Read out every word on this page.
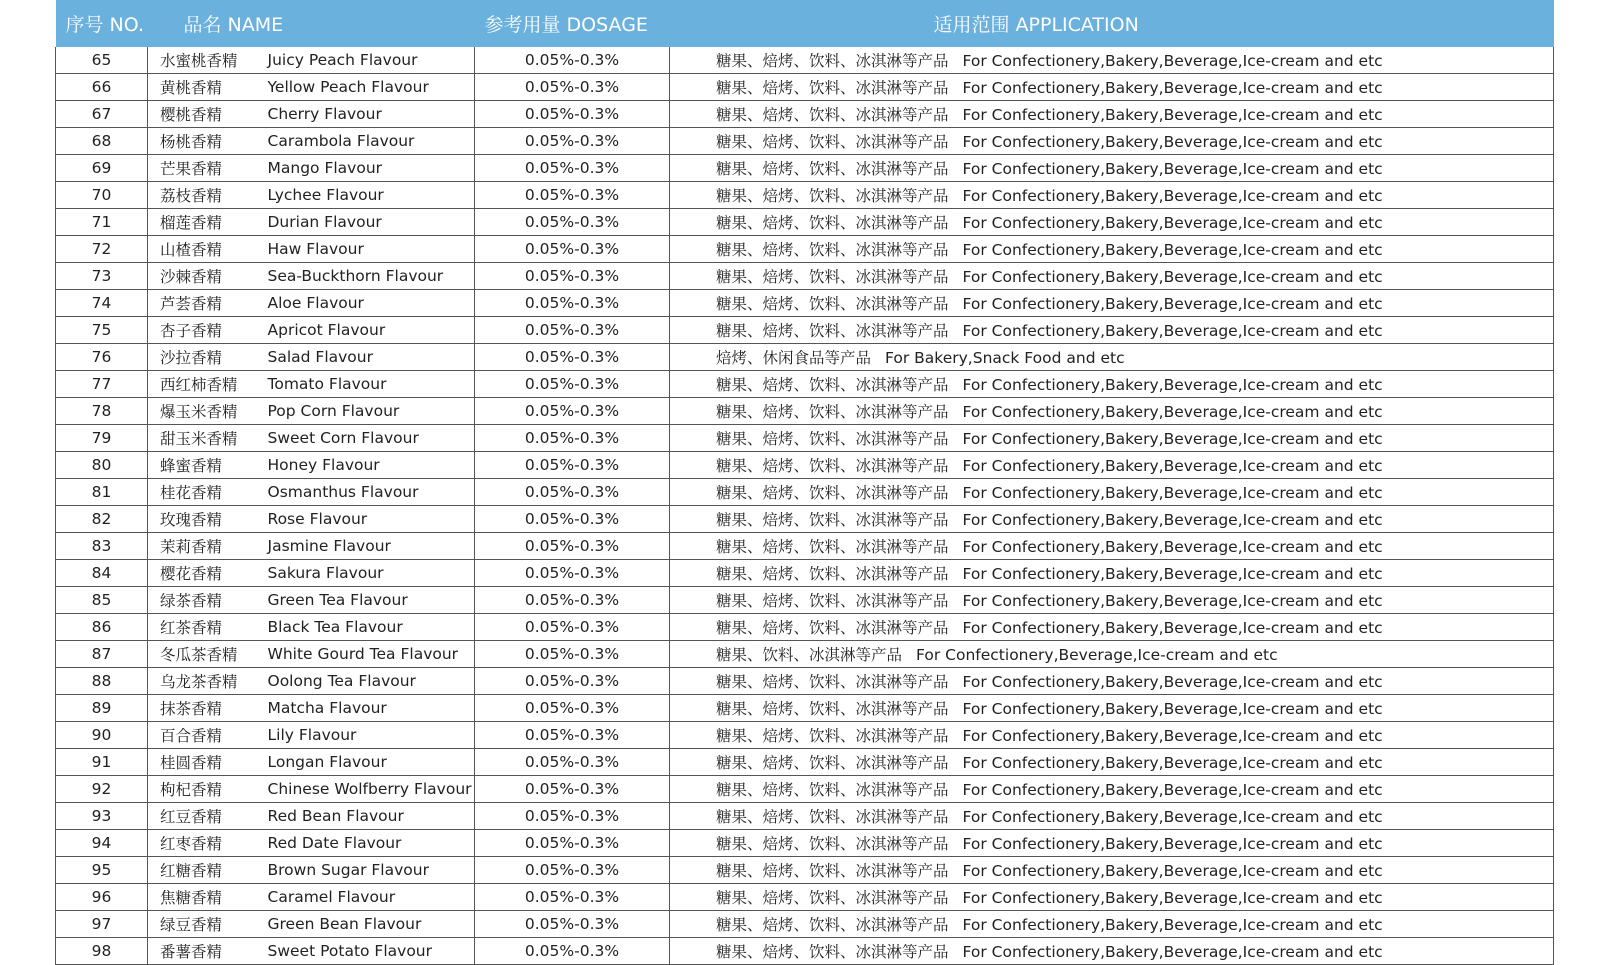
序号 NO.	品名 NAME		参考用量 DOSAGE	适用范围 APPLICATION
65	水蜜桃香精	Juicy Peach Flavour	0.05%-0.3%	糖果、焙烤、饮料、冰淇淋等产品 For Confectionery,Bakery,Beverage,Ice-cream and etc
66	黄桃香精	Yellow Peach Flavour	0.05%-0.3%	糖果、焙烤、饮料、冰淇淋等产品 For Confectionery,Bakery,Beverage,Ice-cream and etc
67	樱桃香精	Cherry Flavour	0.05%-0.3%	糖果、焙烤、饮料、冰淇淋等产品 For Confectionery,Bakery,Beverage,Ice-cream and etc
68	杨桃香精	Carambola Flavour	0.05%-0.3%	糖果、焙烤、饮料、冰淇淋等产品 For Confectionery,Bakery,Beverage,Ice-cream and etc
69	芒果香精	Mango Flavour	0.05%-0.3%	糖果、焙烤、饮料、冰淇淋等产品 For Confectionery,Bakery,Beverage,Ice-cream and etc
70	荔枝香精	Lychee Flavour	0.05%-0.3%	糖果、焙烤、饮料、冰淇淋等产品 For Confectionery,Bakery,Beverage,Ice-cream and etc
71	榴莲香精	Durian Flavour	0.05%-0.3%	糖果、焙烤、饮料、冰淇淋等产品 For Confectionery,Bakery,Beverage,Ice-cream and etc
72	山楂香精	Haw Flavour	0.05%-0.3%	糖果、焙烤、饮料、冰淇淋等产品 For Confectionery,Bakery,Beverage,Ice-cream and etc
73	沙棘香精	Sea-Buckthorn Flavour	0.05%-0.3%	糖果、焙烤、饮料、冰淇淋等产品 For Confectionery,Bakery,Beverage,Ice-cream and etc
74	芦荟香精	Aloe Flavour	0.05%-0.3%	糖果、焙烤、饮料、冰淇淋等产品 For Confectionery,Bakery,Beverage,Ice-cream and etc
75	杏子香精	Apricot Flavour	0.05%-0.3%	糖果、焙烤、饮料、冰淇淋等产品 For Confectionery,Bakery,Beverage,Ice-cream and etc
76	沙拉香精	Salad Flavour	0.05%-0.3%	焙烤、休闲食品等产品 For Bakery,Snack Food and etc
77	西红柿香精	Tomato Flavour	0.05%-0.3%	糖果、焙烤、饮料、冰淇淋等产品 For Confectionery,Bakery,Beverage,Ice-cream and etc
78	爆玉米香精	Pop Corn Flavour	0.05%-0.3%	糖果、焙烤、饮料、冰淇淋等产品 For Confectionery,Bakery,Beverage,Ice-cream and etc
79	甜玉米香精	Sweet Corn Flavour	0.05%-0.3%	糖果、焙烤、饮料、冰淇淋等产品 For Confectionery,Bakery,Beverage,Ice-cream and etc
80	蜂蜜香精	Honey Flavour	0.05%-0.3%	糖果、焙烤、饮料、冰淇淋等产品 For Confectionery,Bakery,Beverage,Ice-cream and etc
81	桂花香精	Osmanthus Flavour	0.05%-0.3%	糖果、焙烤、饮料、冰淇淋等产品 For Confectionery,Bakery,Beverage,Ice-cream and etc
82	玫瑰香精	Rose Flavour	0.05%-0.3%	糖果、焙烤、饮料、冰淇淋等产品 For Confectionery,Bakery,Beverage,Ice-cream and etc
83	茉莉香精	Jasmine Flavour	0.05%-0.3%	糖果、焙烤、饮料、冰淇淋等产品 For Confectionery,Bakery,Beverage,Ice-cream and etc
84	樱花香精	Sakura Flavour	0.05%-0.3%	糖果、焙烤、饮料、冰淇淋等产品 For Confectionery,Bakery,Beverage,Ice-cream and etc
85	绿茶香精	Green Tea Flavour	0.05%-0.3%	糖果、焙烤、饮料、冰淇淋等产品 For Confectionery,Bakery,Beverage,Ice-cream and etc
86	红茶香精	Black Tea Flavour	0.05%-0.3%	糖果、焙烤、饮料、冰淇淋等产品 For Confectionery,Bakery,Beverage,Ice-cream and etc
87	冬瓜茶香精	White Gourd Tea Flavour	0.05%-0.3%	糖果、饮料、冰淇淋等产品 For Confectionery,Beverage,Ice-cream and etc
88	乌龙茶香精	Oolong Tea Flavour	0.05%-0.3%	糖果、焙烤、饮料、冰淇淋等产品 For Confectionery,Bakery,Beverage,Ice-cream and etc
89	抹茶香精	Matcha Flavour	0.05%-0.3%	糖果、焙烤、饮料、冰淇淋等产品 For Confectionery,Bakery,Beverage,Ice-cream and etc
90	百合香精	Lily Flavour	0.05%-0.3%	糖果、焙烤、饮料、冰淇淋等产品 For Confectionery,Bakery,Beverage,Ice-cream and etc
91	桂圆香精	Longan Flavour	0.05%-0.3%	糖果、焙烤、饮料、冰淇淋等产品 For Confectionery,Bakery,Beverage,Ice-cream and etc
92	枸杞香精	Chinese Wolfberry Flavour	0.05%-0.3%	糖果、焙烤、饮料、冰淇淋等产品 For Confectionery,Bakery,Beverage,Ice-cream and etc
93	红豆香精	Red Bean Flavour	0.05%-0.3%	糖果、焙烤、饮料、冰淇淋等产品 For Confectionery,Bakery,Beverage,Ice-cream and etc
94	红枣香精	Red Date Flavour	0.05%-0.3%	糖果、焙烤、饮料、冰淇淋等产品 For Confectionery,Bakery,Beverage,Ice-cream and etc
95	红糖香精	Brown Sugar Flavour	0.05%-0.3%	糖果、焙烤、饮料、冰淇淋等产品 For Confectionery,Bakery,Beverage,Ice-cream and etc
96	焦糖香精	Caramel Flavour	0.05%-0.3%	糖果、焙烤、饮料、冰淇淋等产品 For Confectionery,Bakery,Beverage,Ice-cream and etc
97	绿豆香精	Green Bean Flavour	0.05%-0.3%	糖果、焙烤、饮料、冰淇淋等产品 For Confectionery,Bakery,Beverage,Ice-cream and etc
98	番薯香精	Sweet Potato Flavour	0.05%-0.3%	糖果、焙烤、饮料、冰淇淋等产品 For Confectionery,Bakery,Beverage,Ice-cream and etc
